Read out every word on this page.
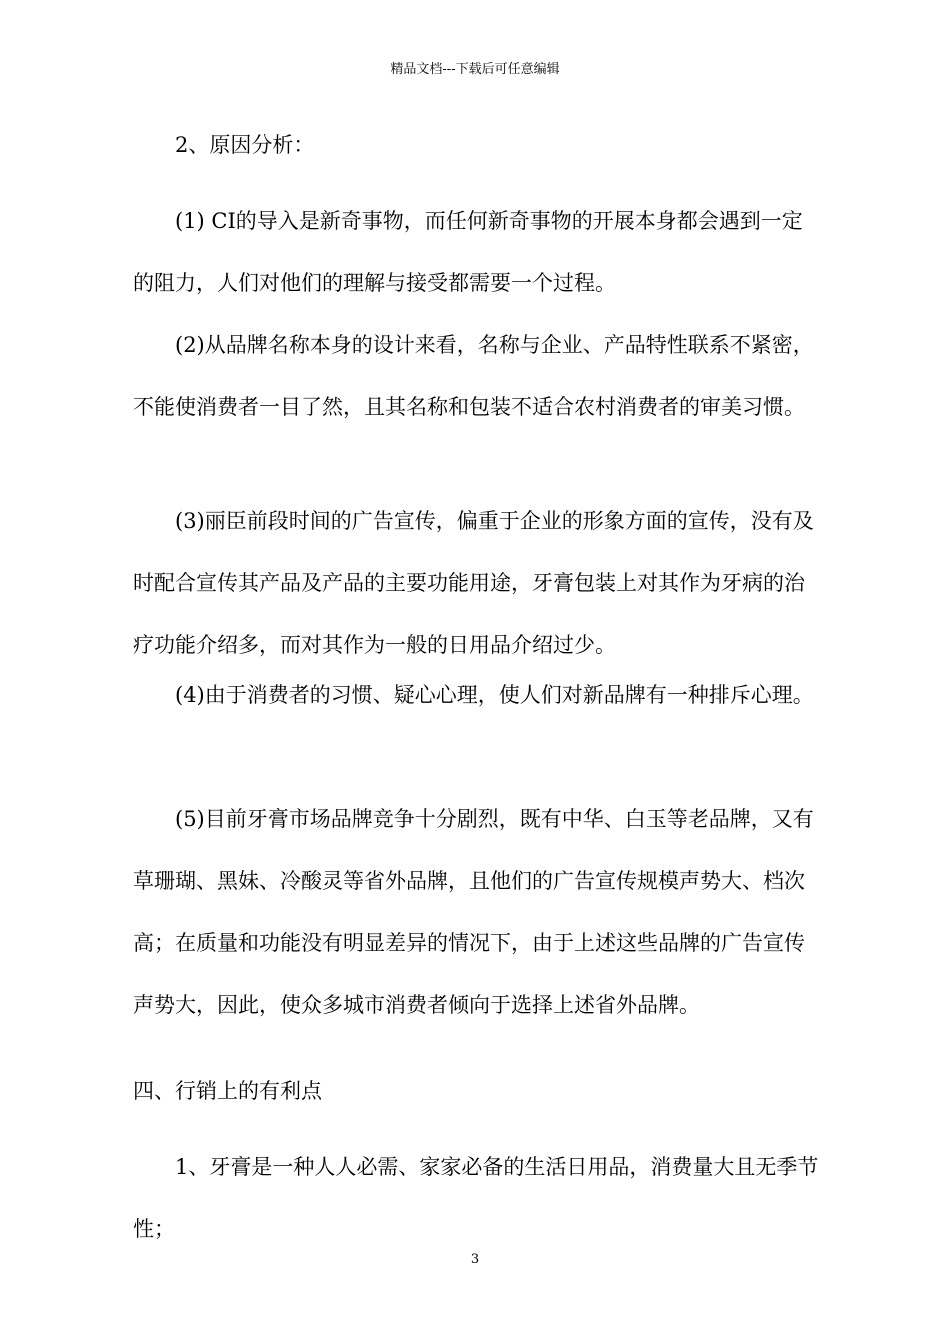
精品文档---下载后可任意编辑

2、原因分析：

(1) CI的导入是新奇事物，而任何新奇事物的开展本身都会遇到一定的阻力，人们对他们的理解与接受都需要一个过程。

(2)从品牌名称本身的设计来看，名称与企业、产品特性联系不紧密，不能使消费者一目了然，且其名称和包装不适合农村消费者的审美习惯。

(3)丽臣前段时间的广告宣传，偏重于企业的形象方面的宣传，没有及时配合宣传其产品及产品的主要功能用途，牙膏包装上对其作为牙病的治疗功能介绍多，而对其作为一般的日用品介绍过少。

(4)由于消费者的习惯、疑心心理，使人们对新品牌有一种排斥心理。

(5)目前牙膏市场品牌竞争十分剧烈，既有中华、白玉等老品牌，又有草珊瑚、黑妹、冷酸灵等省外品牌，且他们的广告宣传规模声势大、档次高；在质量和功能没有明显差异的情况下，由于上述这些品牌的广告宣传声势大，因此，使众多城市消费者倾向于选择上述省外品牌。

四、行销上的有利点

1、牙膏是一种人人必需、家家必备的生活日用品，消费量大且无季节性；

3
